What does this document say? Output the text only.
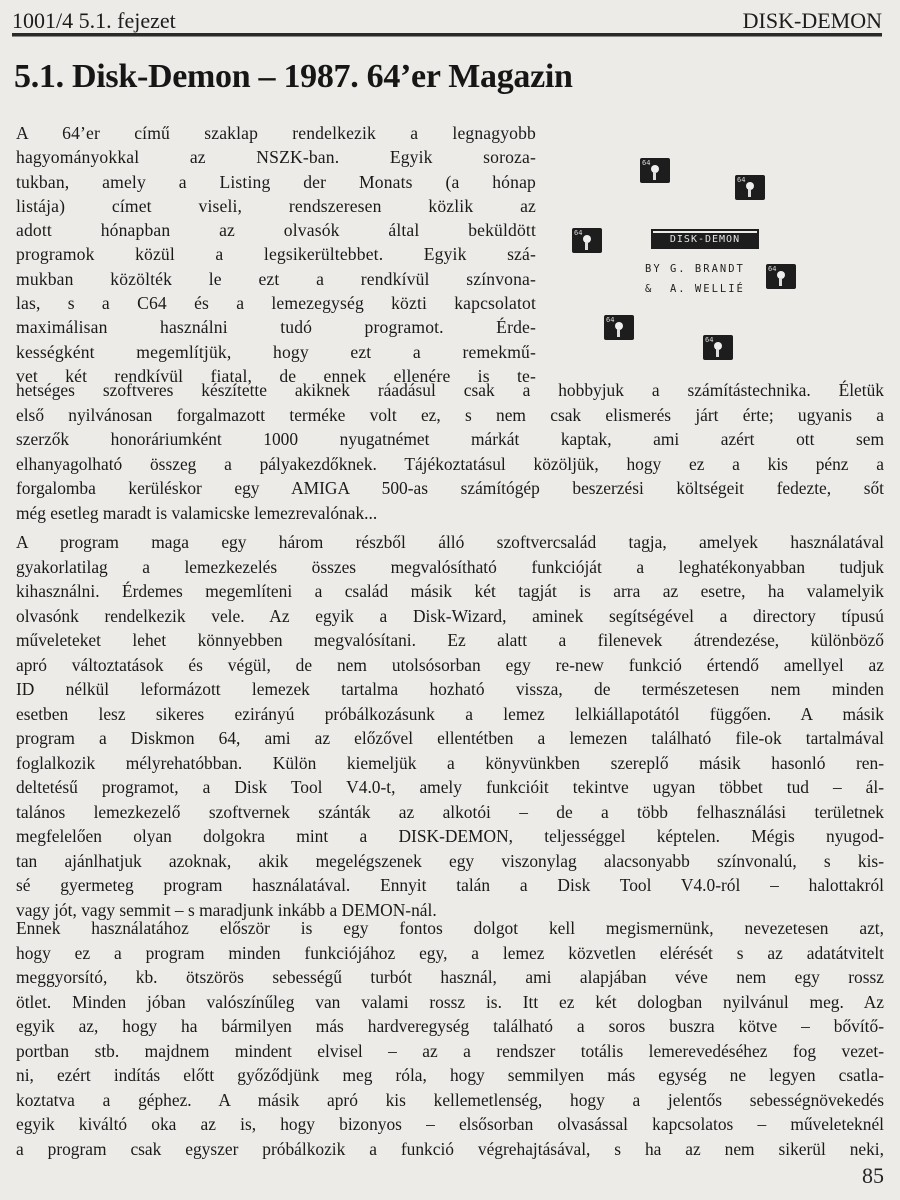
1001/4 5.1. fejezet	DISK-DEMON
5.1. Disk-Demon – 1987. 64’er Magazin
A 64’er című szaklap rendelkezik a legnagyobb
hagyományokkal az NSZK-ban. Egyik soroza-
tukban, amely a Listing der Monats (a hónap
listája) címet viseli, rendszeresen közlik az
adott hónapban az olvasók által beküldött
programok közül a legsikerültebbet. Egyik szá-
mukban közölték le ezt a rendkívül színvona-
las, s a C64 és a lemezegység közti kapcsolatot
maximálisan használni tudó programot. Érde-
kességként megemlítjük, hogy ezt a remekmű-
vet két rendkívül fiatal, de ennek ellenére is te-
64
64
64
64
64
64
DISK-DEMON
BY G. BRANDT
&  A. WELLIÉ
hetséges szoftveres készítette akiknek ráadásul csak a hobbyjuk a számítástechnika. Életük
első nyilvánosan forgalmazott terméke volt ez, s nem csak elismerés járt érte; ugyanis a
szerzők honoráriumként 1000 nyugatnémet márkát kaptak, ami azért ott sem
elhanyagolható összeg a pályakezdőknek. Tájékoztatásul közöljük, hogy ez a kis pénz a
forgalomba kerüléskor egy AMIGA 500-as számítógép beszerzési költségeit fedezte, sőt
még esetleg maradt is valamicske lemezrevalónak...
A program maga egy három részből álló szoftvercsalád tagja, amelyek használatával
gyakorlatilag a lemezkezelés összes megvalósítható funkcióját a leghatékonyabban tudjuk
kihasználni. Érdemes megemlíteni a család másik két tagját is arra az esetre, ha valamelyik
olvasónk rendelkezik vele. Az egyik a Disk-Wizard, aminek segítségével a directory típusú
műveleteket lehet könnyebben megvalósítani. Ez alatt a filenevek átrendezése, különböző
apró változtatások és végül, de nem utolsósorban egy re-new funkció értendő amellyel az
ID nélkül leformázott lemezek tartalma hozható vissza, de természetesen nem minden
esetben lesz sikeres ezirányú próbálkozásunk a lemez lelkiállapotától függően. A másik
program a Diskmon 64, ami az előzővel ellentétben a lemezen található file-ok tartalmával
foglalkozik mélyrehatóbban. Külön kiemeljük a könyvünkben szereplő másik hasonló ren-
deltetésű programot, a Disk Tool V4.0-t, amely funkcióit tekintve ugyan többet tud – ál-
talános lemezkezelő szoftvernek szánták az alkotói – de a több felhasználási területnek
megfelelően olyan dolgokra mint a DISK-DEMON, teljességgel képtelen. Mégis nyugod-
tan ajánlhatjuk azoknak, akik megelégszenek egy viszonylag alacsonyabb színvonalú, s kis-
sé gyermeteg program használatával. Ennyit talán a Disk Tool V4.0-ról – halottakról
vagy jót, vagy semmit – s maradjunk inkább a DEMON-nál.
Ennek használatához először is egy fontos dolgot kell megismernünk, nevezetesen azt,
hogy ez a program minden funkciójához egy, a lemez közvetlen elérését s az adatátvitelt
meggyorsító, kb. ötszörös sebességű turbót használ, ami alapjában véve nem egy rossz
ötlet. Minden jóban valószínűleg van valami rossz is. Itt ez két dologban nyilvánul meg. Az
egyik az, hogy ha bármilyen más hardveregység található a soros buszra kötve – bővítő-
portban stb. majdnem mindent elvisel – az a rendszer totális lemerevedéséhez fog vezet-
ni, ezért indítás előtt győződjünk meg róla, hogy semmilyen más egység ne legyen csatla-
koztatva a géphez. A másik apró kis kellemetlenség, hogy a jelentős sebességnövekedés
egyik kiváltó oka az is, hogy bizonyos – elsősorban olvasással kapcsolatos – műveleteknél
a program csak egyszer próbálkozik a funkció végrehajtásával, s ha az nem sikerül neki,
85
